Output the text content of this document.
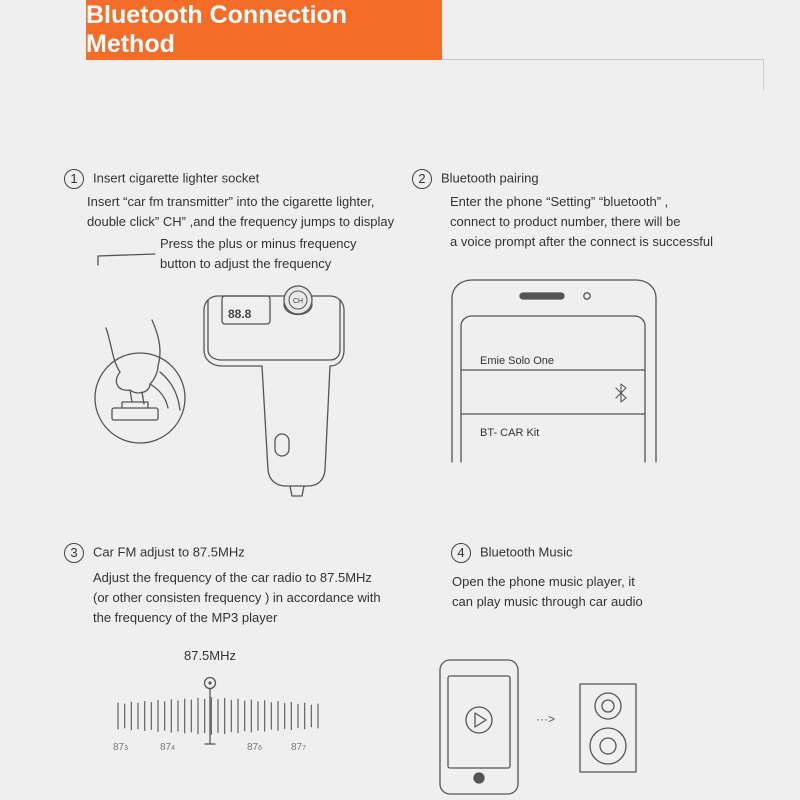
Bluetooth Connection Method
1 Insert cigarette lighter socket
Insert “car fm transmitter” into the cigarette lighter,
double click” CH” ,and the frequency jumps to display
Press the plus or minus frequency
button to adjust the frequency
2 Bluetooth pairing
Enter the phone “Setting” “bluetooth” ,
connect to product number, there will be
a voice prompt after the connect is successful
3 Car FM adjust to 87.5MHz
Adjust the frequency of the car radio to 87.5MHz
(or other consisten frequency ) in accordance with
the frequency of the MP3 player
4 Bluetooth Music
Open the phone music player, it
can play music through car audio
88.8
CH
Emie Solo One
BT- CAR Kit
87.5MHz
···>
873	874	876	877
